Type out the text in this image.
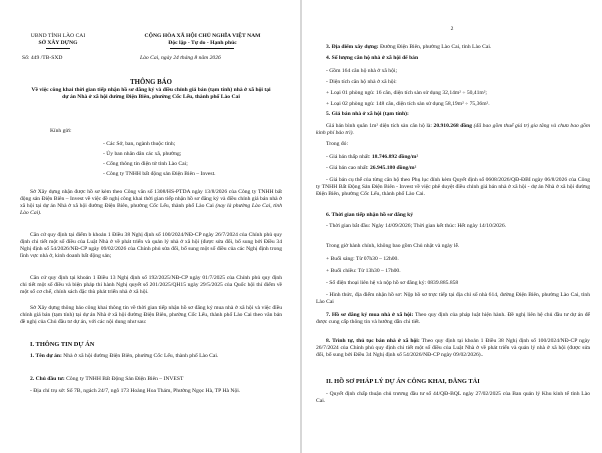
UBND TỈNH LÀO CAI
SỞ XÂY DỰNG
CỘNG HÒA XÃ HỘI CHỦ NGHĨA VIỆT NAM
Độc lập - Tự do - Hạnh phúc
Số: 449 /TB-SXD	Lào Cai, ngày 24 tháng 8 năm 2026
THÔNG BÁO
Về việc công khai thời gian tiếp nhận hồ sơ đăng ký và điều chỉnh giá bán (tạm tính) nhà ở xã hội tại dự án Nhà ở xã hội đường Điện Biên, phường Cốc Lếu, thành phố Lào Cai
Kính gửi:
- Các Sở, ban, ngành thuộc tỉnh;
- Ủy ban nhân dân các xã, phường;
- Cổng thông tin điện tử tỉnh Lào Cai;
- Công ty TNHH bất động sản Điện Biên – Invest.
Sở Xây dựng nhận được hồ sơ kèm theo Công văn số 1308/HS-PTDA ngày 13/8/2026 của Công ty TNHH bất động sản Điện Biên – Invest về việc đề nghị công khai thời gian tiếp nhận hồ sơ đăng ký và điều chỉnh giá bán nhà ở xã hội tại dự án Nhà ở xã hội đường Điện Biên, phường Cốc Lếu, thành phố Lào Cai (nay là phường Lào Cai, tỉnh Lào Cai).
Căn cứ quy định tại điểm b khoản 1 Điều 38 Nghị định số 100/2024/NĐ-CP ngày 26/7/2024 của Chính phủ quy định chi tiết một số điều của Luật Nhà ở về phát triển và quản lý nhà ở xã hội (được sửa đổi, bổ sung bởi Điều 34 Nghị định số 54/2026/NĐ-CP ngày 09/02/2026 của Chính phủ sửa đổi, bổ sung một số điều của các Nghị định trong lĩnh vực nhà ở, kinh doanh bất động sản;
Căn cứ quy định tại khoản 1 Điều 13 Nghị định số 192/2025/NĐ-CP ngày 01/7/2025 của Chính phủ quy định chi tiết một số điều và biện pháp thi hành Nghị quyết số 201/2025/QH15 ngày 29/5/2025 của Quốc hội thí điểm về một số cơ chế, chính sách đặc thù phát triển nhà ở xã hội.
Sở Xây dựng thông báo công khai thông tin về thời gian tiếp nhận hồ sơ đăng ký mua nhà ở xã hội và việc điều chỉnh giá bán (tạm tính) tại dự án Nhà ở xã hội đường Điện Biên, phường Cốc Lếu, thành phố Lào Cai theo văn bản đề nghị của Chủ đầu tư dự án, với các nội dung như sau:
I. THÔNG TIN DỰ ÁN
1. Tên dự án: Nhà ở xã hội đường Điện Biên, phường Cốc Lếu, thành phố Lào Cai.
2. Chủ đầu tư: Công ty TNHH Bất Động Sản Điện Biên – INVEST
- Địa chỉ trụ sở: Số 7B, ngách 24/7, ngõ 173 Hoàng Hoa Thám, Phường Ngọc Hà, TP Hà Nội.
2
3. Địa điểm xây dựng: Đường Điện Biên, phường Lào Cai, tỉnh Lào Cai.
4. Số lượng căn hộ nhà ở xã hội để bán
- Gồm 164 căn hộ nhà ở xã hội;
- Diện tích căn hộ nhà ở xã hội:
+ Loại 01 phòng ngủ: 16 căn, diện tích sàn sử dụng 32,14m² ÷ 50,41m²;
+ Loại 02 phòng ngủ: 148 căn, diện tích sàn sử dụng 58,19m² ÷ 75,36m².
5. Giá bán nhà ở xã hội (tạm tính):
Giá bán bình quân 1m² diện tích sàn căn hộ là: 20.910.268 đồng (đã bao gồm thuế giá trị gia tăng và chưa bao gồm kinh phí bảo trì).
Trong đó:
- Giá bán thấp nhất: 18.746.892 đồng/m²
- Giá bán cao nhất: 26.945.180 đồng/m²
- Giá bán cụ thể của từng căn hộ theo Phụ lục đính kèm Quyết định số 0608/2026/QĐ-ĐBI ngày 06/8/2026 của Công ty TNHH Bất Động Sản Điện Biên - Invest về việc phê duyệt điều chỉnh giá bán nhà ở xã hội - dự án Nhà ở xã hội đường Điện Biên, phường Cốc Lếu, thành phố Lào Cai.
6. Thời gian tiếp nhận hồ sơ đăng ký
- Thời gian bắt đầu: Ngày 14/09/2026; Thời gian kết thúc: Hết ngày 14/10/2026.
Trong giờ hành chính, không bao gồm Chủ nhật và ngày lễ.
+ Buổi sáng: Từ 07h30 – 12h00.
+ Buổi chiều: Từ 13h30 – 17h00.
- Số điện thoại liên hệ và nộp hồ sơ đăng ký: 0839.885.858
- Hình thức, địa điểm nhận hồ sơ: Nộp hồ sơ trực tiếp tại địa chỉ số nhà 614, đường Điện Biên, phường Lào Cai, tỉnh Lào Cai
7. Hồ sơ đăng ký mua nhà ở xã hội: Theo quy định của pháp luật hiện hành. Đề nghị liên hệ chủ đầu tư dự án để được cung cấp thông tin và hướng dẫn chi tiết.
8. Trình tự, thủ tục bán nhà ở xã hội: Theo quy định tại khoản 1 Điều 38 Nghị định số 100/2024/NĐ-CP ngày 26/7/2024 của Chính phủ quy định chi tiết một số điều của Luật Nhà ở về phát triển và quản lý nhà ở xã hội (được sửa đổi, bổ sung bởi Điều 34 Nghị định số 54/2026/NĐ-CP ngày 09/02/2026)..
II. HỒ SƠ PHÁP LÝ DỰ ÁN CÔNG KHAI, ĐĂNG TẢI
- Quyết định chấp thuận chủ trương đầu tư số 44/QĐ-BQL ngày 27/02/2025 của Ban quản lý Khu kinh tế tỉnh Lào Cai.
